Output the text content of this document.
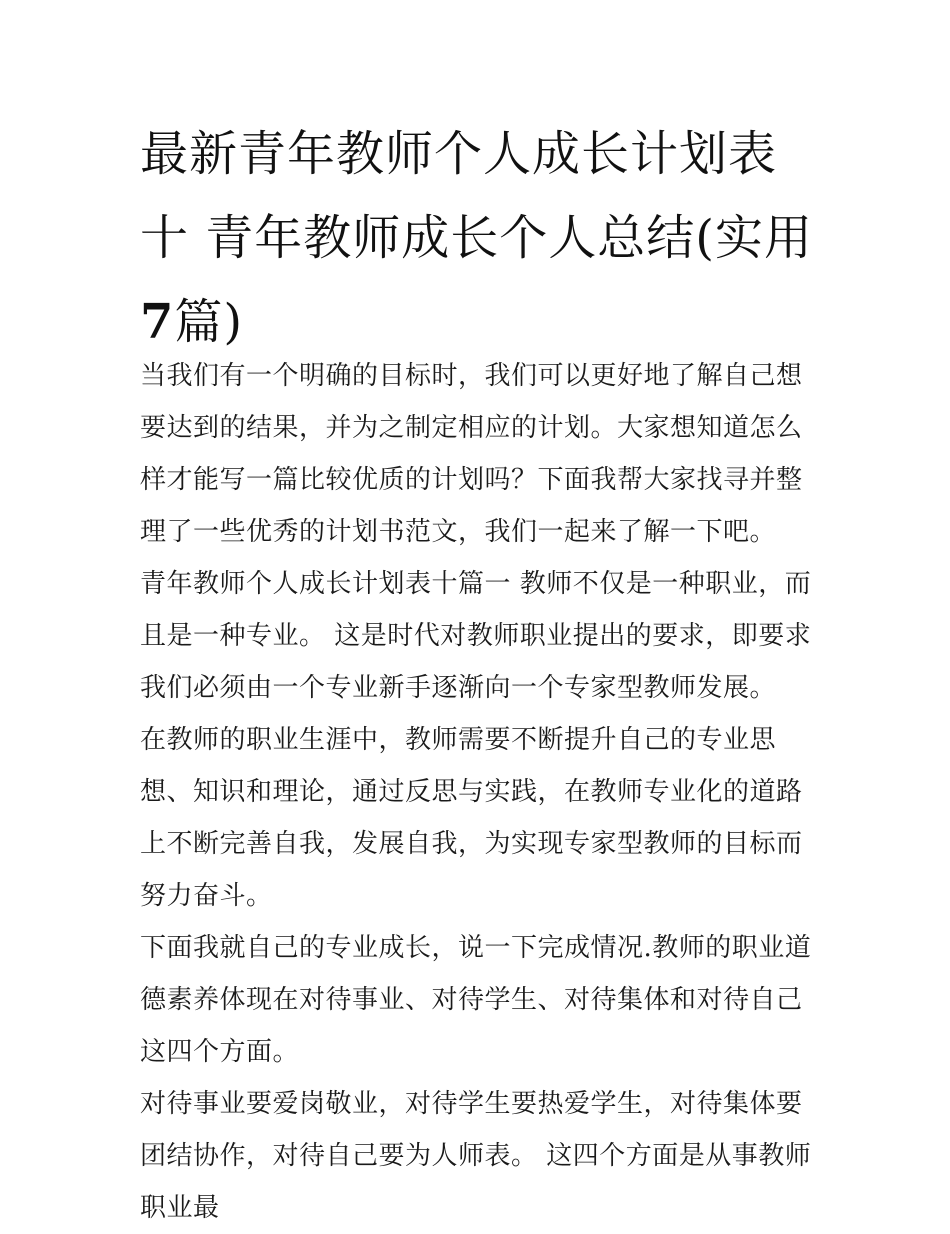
最新青年教师个人成长计划表十 青年教师成长个人总结(实用7篇)

当我们有一个明确的目标时，我们可以更好地了解自己想要达到的结果，并为之制定相应的计划。大家想知道怎么样才能写一篇比较优质的计划吗？下面我帮大家找寻并整理了一些优秀的计划书范文，我们一起来了解一下吧。

青年教师个人成长计划表十篇一 教师不仅是一种职业，而且是一种专业。 这是时代对教师职业提出的要求，即要求我们必须由一个专业新手逐渐向一个专家型教师发展。

在教师的职业生涯中，教师需要不断提升自己的专业思想、知识和理论，通过反思与实践，在教师专业化的道路上不断完善自我，发展自我，为实现专家型教师的目标而努力奋斗。

下面我就自己的专业成长，说一下完成情况.教师的职业道德素养体现在对待事业、对待学生、对待集体和对待自己这四个方面。

对待事业要爱岗敬业，对待学生要热爱学生，对待集体要团结协作，对待自己要为人师表。 这四个方面是从事教师职业最
